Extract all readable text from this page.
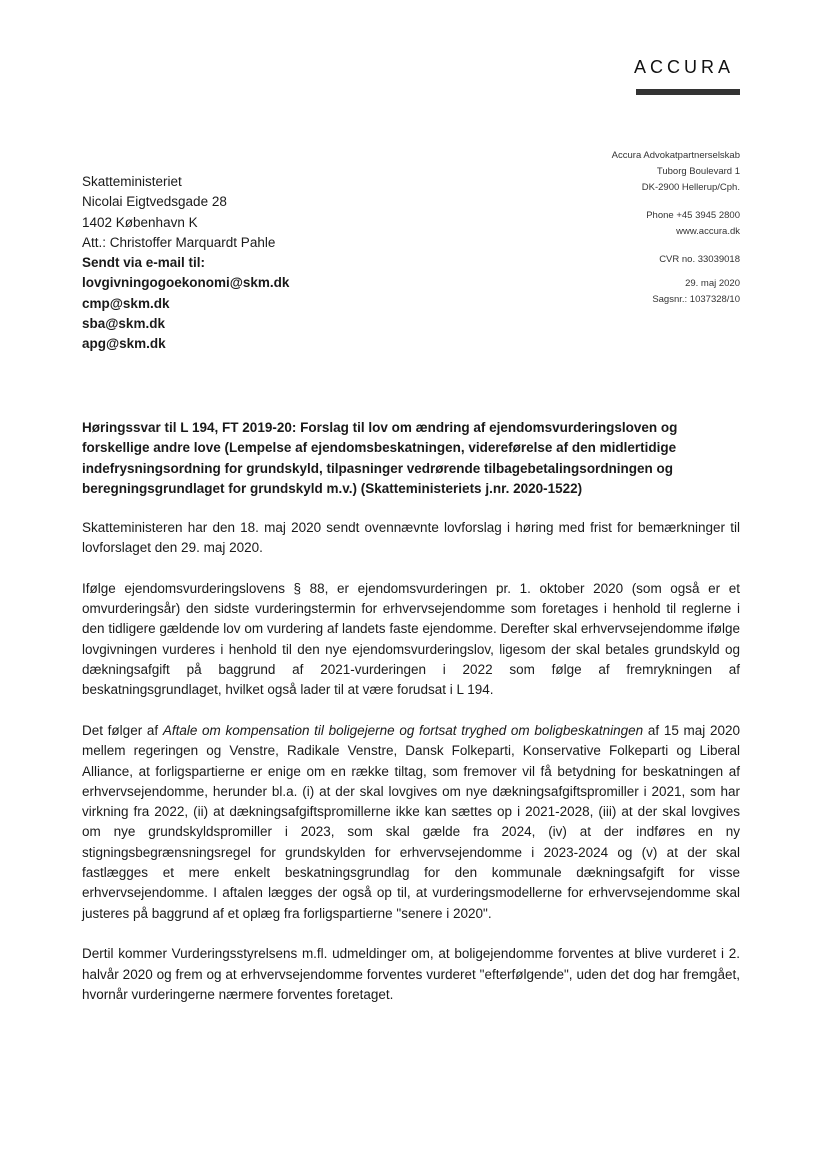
ACCURA
Accura Advokatpartnerselskab
Tuborg Boulevard 1
DK-2900 Hellerup/Cph.
Phone +45 3945 2800
www.accura.dk
CVR no. 33039018
29. maj 2020
Sagsnr.: 1037328/10
Skatteministeriet
Nicolai Eigtvedsgade 28
1402 København K
Att.: Christoffer Marquardt Pahle
Sendt via e-mail til:
lovgivningogoekonomi@skm.dk
cmp@skm.dk
sba@skm.dk
apg@skm.dk
Høringssvar til L 194, FT 2019-20: Forslag til lov om ændring af ejendomsvurderingsloven og forskellige andre love (Lempelse af ejendomsbeskatningen, videreførelse af den midlertidige indefrysningsordning for grundskyld, tilpasninger vedrørende tilbagebetalingsordningen og beregningsgrundlaget for grundskyld m.v.) (Skatteministeriets j.nr. 2020-1522)

Skatteministeren har den 18. maj 2020 sendt ovennævnte lovforslag i høring med frist for bemærkninger til lovforslaget den 29. maj 2020.

Ifølge ejendomsvurderingslovens § 88, er ejendomsvurderingen pr. 1. oktober 2020 (som også er et omvurderingsår) den sidste vurderingstermin for erhvervsejendomme som foretages i henhold til reglerne i den tidligere gældende lov om vurdering af landets faste ejendomme. Derefter skal erhvervsejendomme ifølge lovgivningen vurderes i henhold til den nye ejendomsvurderingslov, ligesom der skal betales grundskyld og dækningsafgift på baggrund af 2021-vurderingen i 2022 som følge af fremrykningen af beskatningsgrundlaget, hvilket også lader til at være forudsat i L 194.

Det følger af Aftale om kompensation til boligejerne og fortsat tryghed om boligbeskatningen af 15 maj 2020 mellem regeringen og Venstre, Radikale Venstre, Dansk Folkeparti, Konservative Folkeparti og Liberal Alliance, at forligspartierne er enige om en række tiltag, som fremover vil få betydning for beskatningen af erhvervsejendomme, herunder bl.a. (i) at der skal lovgives om nye dækningsafgiftspromiller i 2021, som har virkning fra 2022, (ii) at dækningsafgiftspromillerne ikke kan sættes op i 2021-2028, (iii) at der skal lovgives om nye grundskyldspromiller i 2023, som skal gælde fra 2024, (iv) at der indføres en ny stigningsbegrænsningsregel for grundskylden for erhvervsejendomme i 2023-2024 og (v) at der skal fastlægges et mere enkelt beskatningsgrundlag for den kommunale dækningsafgift for visse erhvervsejendomme. I aftalen lægges der også op til, at vurderingsmodellerne for erhvervsejendomme skal justeres på baggrund af et oplæg fra forligspartierne "senere i 2020".

Dertil kommer Vurderingsstyrelsens m.fl. udmeldinger om, at boligejendomme forventes at blive vurderet i 2. halvår 2020 og frem og at erhvervsejendomme forventes vurderet "efterfølgende", uden det dog har fremgået, hvornår vurderingerne nærmere forventes foretaget.
